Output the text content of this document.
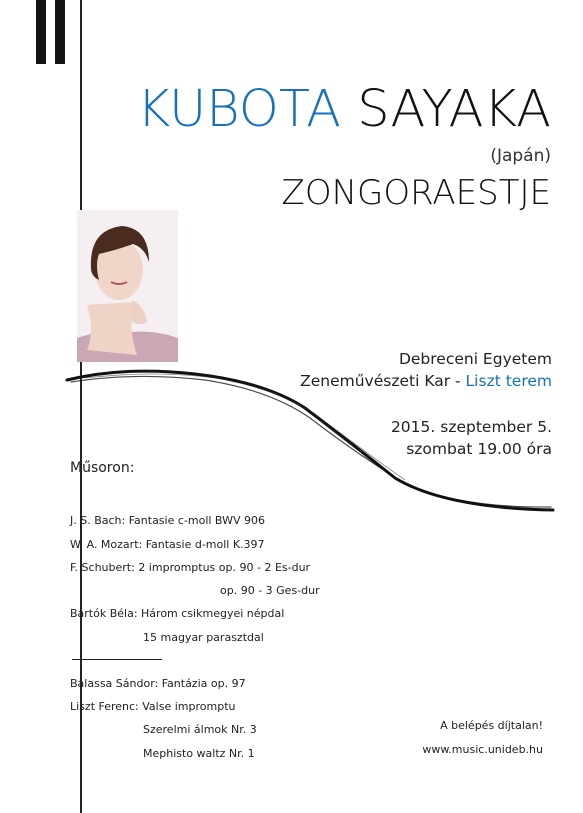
KUBOTA SAYAKA
(Japán)
ZONGORAESTJE
Debreceni Egyetem
Zeneművészeti Kar - Liszt terem
2015. szeptember 5.
szombat 19.00 óra
Műsoron:
J. S. Bach: Fantasie c-moll BWV 906
W. A. Mozart: Fantasie d-moll K.397
F. Schubert: 2 impromptus op. 90 - 2 Es-dur
op. 90 - 3 Ges-dur
Bartók Béla: Három csikmegyei népdal
15 magyar parasztdal
Balassa Sándor: Fantázia op. 97
Liszt Ferenc: Valse impromptu
Szerelmi álmok Nr. 3
Mephisto waltz Nr. 1
A belépés díjtalan!
www.music.unideb.hu
